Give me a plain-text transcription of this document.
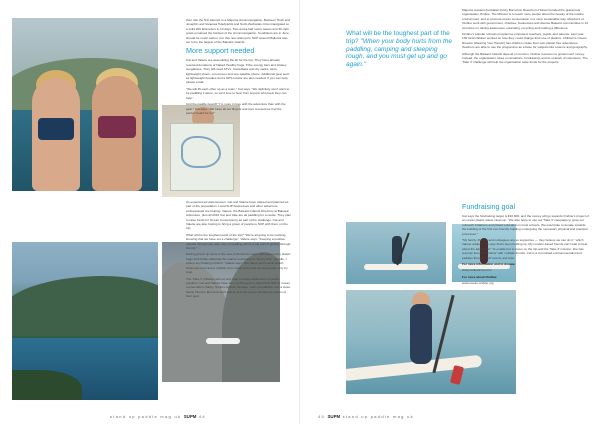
then ride the first attempt to a Majorca circumnavigation. Between Hosh and Josephin and Vanessa Tsiadyaritis and Scott-Zacharias circumnavigated at a solid 200 kilometers in 10 days. Two-and-a-half metre waves and 30-mph gusts remained the hardest of the circumnavigation. Conditions are in June should be much calmer. For this new attempt to SUP around Mallorca was set to be the largest of the Balearic Islands.

More support needed

Cat and Valerie are assembling the kit for the trip. They have already received donations of Naked Healthy bags, Tribe energy bars and Glokey sunglasses. They still need ATVs, Camelbaks and dry sacks, tents, lightweight shoes, sun-screen and one-satellite phone. Additional gear such as lightweight hoodies and a GPS locator are also needed. If you can help, please email.

"We will lift each other up as a team," Cat says. "We definitely won't want to be paddling it alone, so we'd love to hear from anyone who feels they can help."

And the paddle board? "I'm more in love with the adventure than with the gear," Cat says. "We have all our fingers and toes crossed we find the perfect board for us!"

As experienced waterwomen, Cat and Valerie have trained and planned as part of the preparation. Local SUP businesses and other adventure professionals are helping. Valerie, the Balearic Islands Directory at Balearic Adventure, plus all 2016 Cat and Vale are all paddling for a cause. They plan to raise funds for Ocean Conservancy as part of the challenge. Cat and Valerie are also hoping to bring a group of people to SUP with them on the trip.

What will be the toughest parts of the trip? "We're all going to be working, knowing that we have set a challenge", Valerie says. "Keeping a positive attitude through day after day of paddling will be a big part of getting through the trip."

Having grown up close to the sea, both women have witnessed many plastic bags and bottles affecting the marine environment. "Every time I paddle, I collect any floating rubbish," Valerie says. She takes part in local beach clean-ups and cleans rubbish from small coves that are accessible only by boat.

The 'Take 3' initiative will not only help increase awareness of plastic pollution. Cat and Valerie have also set the goal to raise €100,000 for ocean conservation charity, Surfers Against Sewage. Cat's grandfather and a close family friend in Menorca both sailed, and she will be donating a portion of their gear.

stand up paddle mag uk SUPM 44
What will be the toughest part of the trip? "When your body hurts from the paddling, camping and sleeping rough, and you must get up and go again."

Majorca resident Australian Kirsty Bornuhon Read from Hobart founded the grassroots organisation Ondine. The Mission is to teach more people about the beauty of the marine environment, and to promote ocean conservation in a more sustainable way. Members of Ondine work with government, charities, businesses and diverse Balearic communities in 12 countries on raising awareness, educating, recycling and making a difference.

Ondine's popular schools programme empowers teachers, pupils, and parents. Last year, 130 local children worked on how they could change their use of plastics. Children's Ocean Dreams (Wearing Your Hands!) has children create their own plastic-free adventures. Teachers are able to use the programme as a base for subjects like science and geography.

Although the Balearic Islands depend on tourism, Ondine receives no government money. Instead, the organisation relies on donations, fundraising, and its network of volunteers. The 'Take 3' challenge will help the organisation raise funds for the projects.

Fundraising goal

Cat says the fundraising target is €10,000, and the money will go towards Ondine's project of an ocean plastic waste clean-up. "We also hope to use our 'Take 3' campaign to grow our outreach initiatives and plastic education in local schools. We would like to donate towards the building of the first eco-friendly building undergoing the necessary physical and practical processes."

"My family, friends, and colleagues are so supportive — they believe we can do it," which Valerie added. "Cat says that's been holding up. My London-based friends can't wait to hear about the adventure!" To enable her to focus on the trip and the 'Take 3' mission, she has recently founded 'Ondine' with multiple friends. Cat is a committed environmentalist and paddles through SUP events and trips.

For more information and to donate:

www.ondinetrust.com

For more about Ondine:

www.ocean-ondine.org

45 SUPM stand up paddle mag uk
